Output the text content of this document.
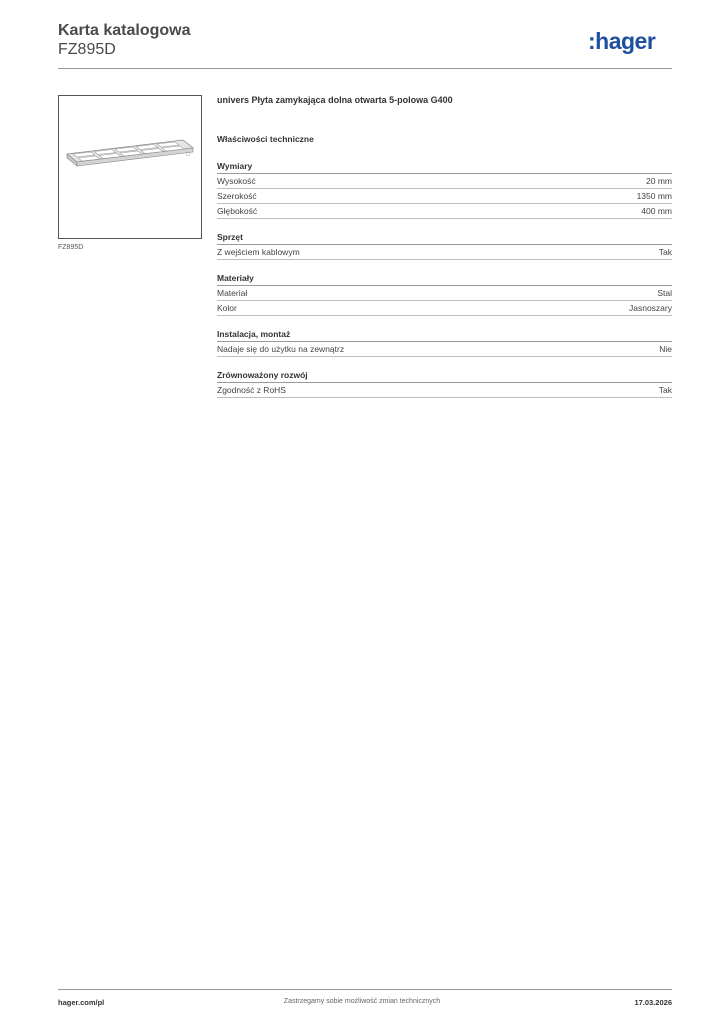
Karta katalogowa
FZ895D	:hager
FZ895D
univers Płyta zamykająca dolna otwarta 5-polowa G400
Właściwości techniczne
Wymiary
Wysokość	20 mm
Szerokość	1350 mm
Głębokość	400 mm
Sprzęt
Z wejściem kablowym	Tak
Materiały
Materiał	Stal
Kolor	Jasnoszary
Instalacja, montaż
Nadaje się do użytku na zewnątrz	Nie
Zrównoważony rozwój
Zgodność z RoHS	Tak
hager.com/pl	Zastrzegamy sobie możliwość zmian technicznych	17.03.2026
